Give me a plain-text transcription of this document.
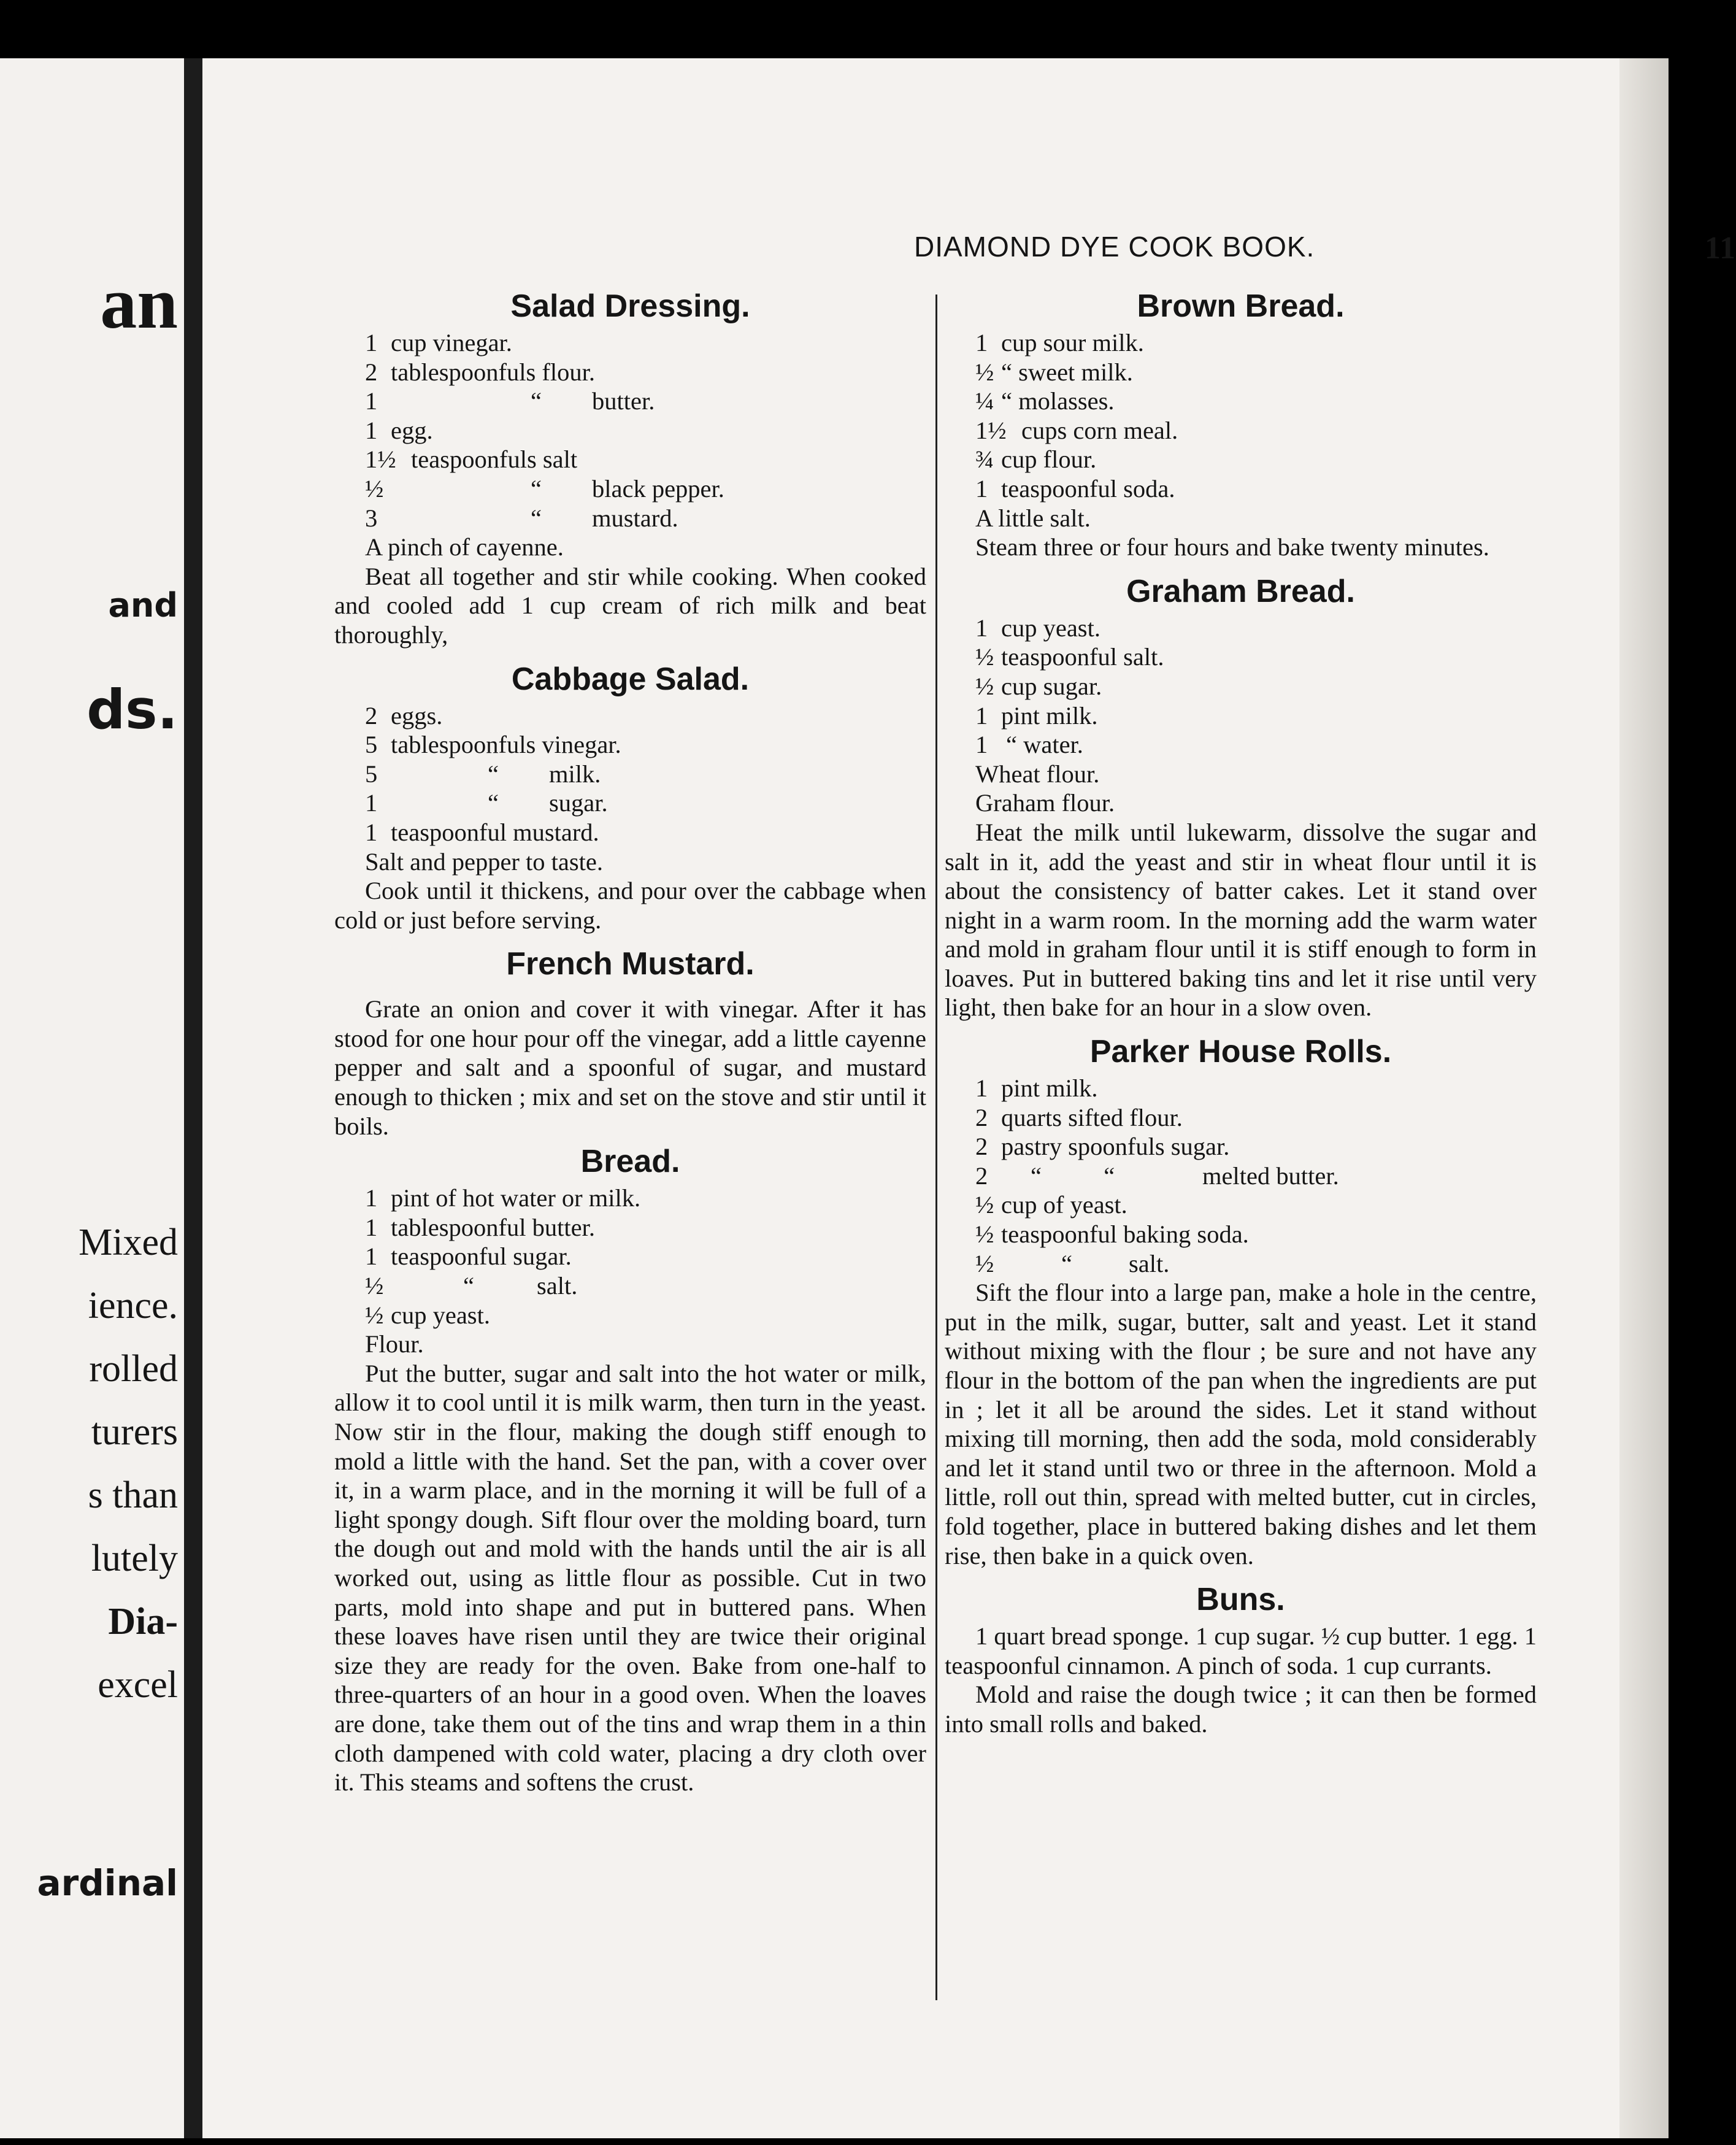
an
and
ds.
Mixed
ience.
rolled
turers
s than
lutely
Dia-
excel
ardinal
DIAMOND DYE COOK BOOK.	11
Salad Dressing.
1 cup vinegar.
2 tablespoonfuls flour.
1	“ butter.
1 egg.
1½ teaspoonfuls salt
½	“ black pepper.
3	“ mustard.
A pinch of cayenne.

Beat all together and stir while cooking. When cooked and cooled add 1 cup cream of rich milk and beat thoroughly,

Cabbage Salad.
2 eggs.
5 tablespoonfuls vinegar.
5	“ milk.
1	“ sugar.
1 teaspoonful mustard.
Salt and pepper to taste.

Cook until it thickens, and pour over the cabbage when cold or just before serving.

French Mustard.

Grate an onion and cover it with vinegar. After it has stood for one hour pour off the vinegar, add a little cayenne pepper and salt and a spoonful of sugar, and mustard enough to thicken ; mix and set on the stove and stir until it boils.

Bread.
1 pint of hot water or milk.
1 tablespoonful butter.
1 teaspoonful sugar.
½	“	salt.
½ cup yeast.
Flour.

Put the butter, sugar and salt into the hot water or milk, allow it to cool until it is milk warm, then turn in the yeast. Now stir in the flour, making the dough stiff enough to mold a little with the hand. Set the pan, with a cover over it, in a warm place, and in the morning it will be full of a light spongy dough. Sift flour over the molding board, turn the dough out and mold with the hands until the air is all worked out, using as little flour as possible. Cut in two parts, mold into shape and put in buttered pans. When these loaves have risen until they are twice their original size they are ready for the oven. Bake from one-half to three-quarters of an hour in a good oven. When the loaves are done, take them out of the tins and wrap them in a thin cloth dampened with cold water, placing a dry cloth over it. This steams and softens the crust.

Brown Bread.
1 cup sour milk.
½ “ sweet milk.
¼ “ molasses.
1½ cups corn meal.
¾ cup flour.
1 teaspoonful soda.
A little salt.

Steam three or four hours and bake twenty minutes.

Graham Bread.
1 cup yeast.
½ teaspoonful salt.
½ cup sugar.
1 pint milk.
1 “ water.
Wheat flour.
Graham flour.

Heat the milk until lukewarm, dissolve the sugar and salt in it, add the yeast and stir in wheat flour until it is about the consistency of batter cakes. Let it stand over night in a warm room. In the morning add the warm water and mold in graham flour until it is stiff enough to form in loaves. Put in buttered baking tins and let it rise until very light, then bake for an hour in a slow oven.

Parker House Rolls.
1 pint milk.
2 quarts sifted flour.
2 pastry spoonfuls sugar.
2 “          “	melted butter.
½ cup of yeast.
½ teaspoonful baking soda.
½	“ salt.

Sift the flour into a large pan, make a hole in the centre, put in the milk, sugar, butter, salt and yeast. Let it stand without mixing with the flour ; be sure and not have any flour in the bottom of the pan when the ingredients are put in ; let it all be around the sides. Let it stand without mixing till morning, then add the soda, mold considerably and let it stand until two or three in the afternoon. Mold a little, roll out thin, spread with melted butter, cut in circles, fold together, place in buttered baking dishes and let them rise, then bake in a quick oven.

Buns.

1 quart bread sponge. 1 cup sugar. ½ cup butter. 1 egg. 1 teaspoonful cinnamon. A pinch of soda. 1 cup currants.

Mold and raise the dough twice ; it can then be formed into small rolls and baked.
